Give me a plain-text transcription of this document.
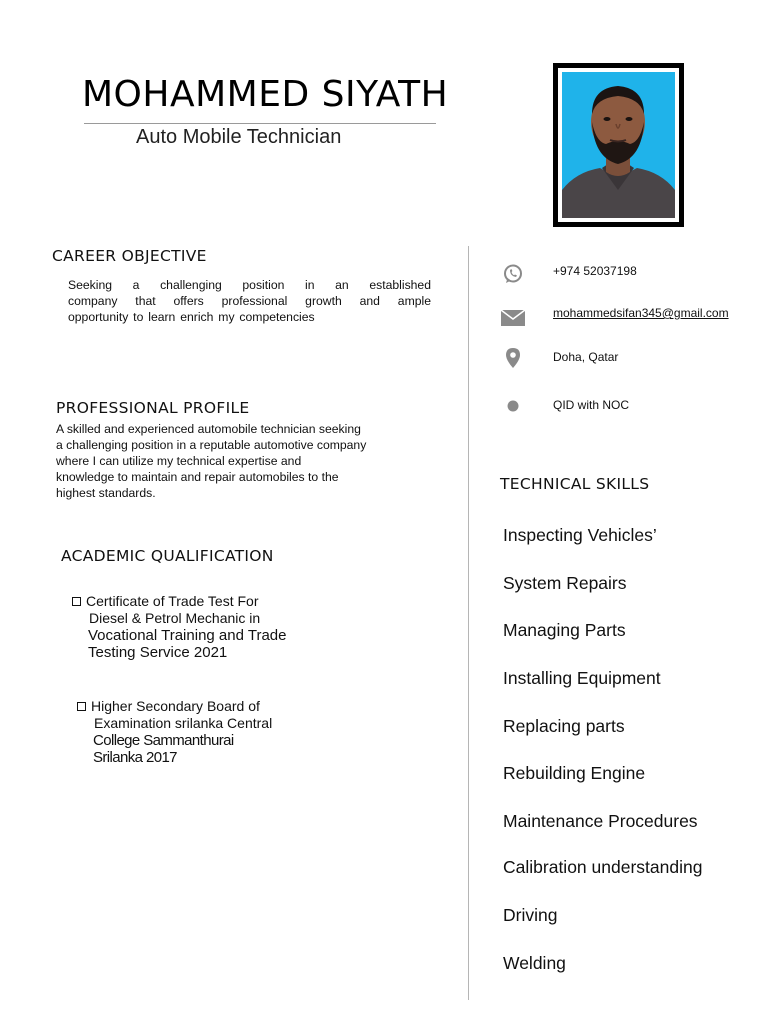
MOHAMMED SIYATH
Auto Mobile Technician
CAREER OBJECTIVE
Seeking a challenging position in an established
company that offers professional growth and ample
opportunity to learn enrich my competencies
PROFESSIONAL PROFILE
A skilled and experienced automobile technician seeking
a challenging position in a reputable automotive company
where I can utilize my technical expertise and
knowledge to maintain and repair automobiles to the
highest standards.
ACADEMIC QUALIFICATION
Certificate of Trade Test For
Diesel & Petrol Mechanic in
Vocational Training and Trade
Testing Service 2021
Higher Secondary Board of
Examination srilanka Central
College Sammanthurai
Srilanka 2017
+974 52037198
mohammedsifan345@gmail.com
Doha, Qatar
QID with NOC
TECHNICAL SKILLS
Inspecting Vehicles’
System Repairs
Managing Parts
Installing Equipment
Replacing parts
Rebuilding Engine
Maintenance Procedures
Calibration understanding
Driving
Welding
